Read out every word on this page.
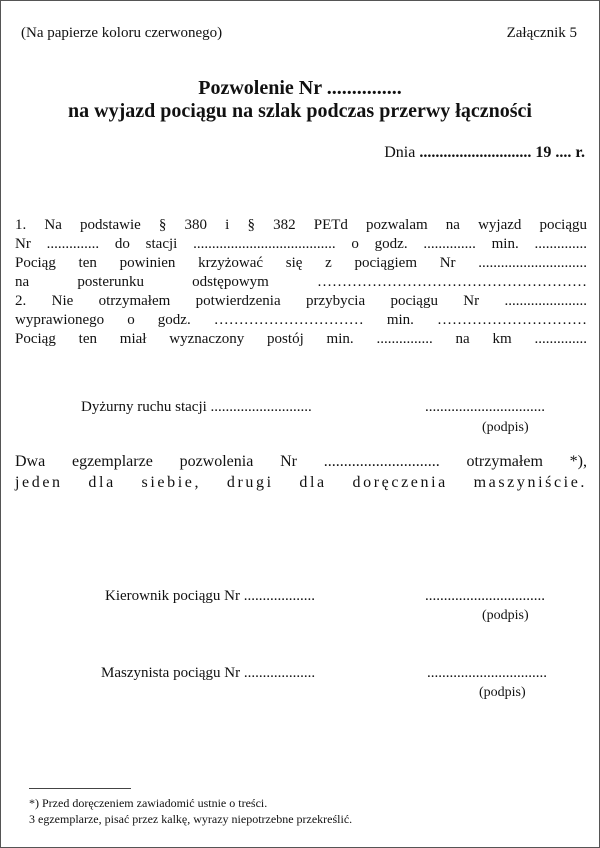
(Na papierze koloru czerwonego)	Załącznik 5
Pozwolenie Nr ...............
na wyjazd pociągu na szlak podczas przerwy łączności
Dnia ............................ 19 .... r.
1. Na podstawie § 380 i § 382 PETd pozwalam na wyjazd pociągu
Nr .............. do stacji ...................................... o godz. .............. min. ..............
Pociąg ten powinien krzyżować się z pociągiem Nr .............................
na posterunku odstępowym ………………………………………………
2. Nie otrzymałem potwierdzenia przybycia pociągu Nr ......................
wyprawionego o godz. ………………………… min. …………………………
Pociąg ten miał wyznaczony postój min. ............... na km ..............
Dyżurny ruchu stacji ...........................	................................
(podpis)
Dwa egzemplarze pozwolenia Nr ............................. otrzymałem *),
jeden dla siebie, drugi dla doręczenia maszyniście.
Kierownik pociągu Nr ...................	................................
(podpis)
Maszynista pociągu Nr ...................	................................
(podpis)
*) Przed doręczeniem zawiadomić ustnie o treści.
3 egzemplarze, pisać przez kalkę, wyrazy niepotrzebne przekreślić.
